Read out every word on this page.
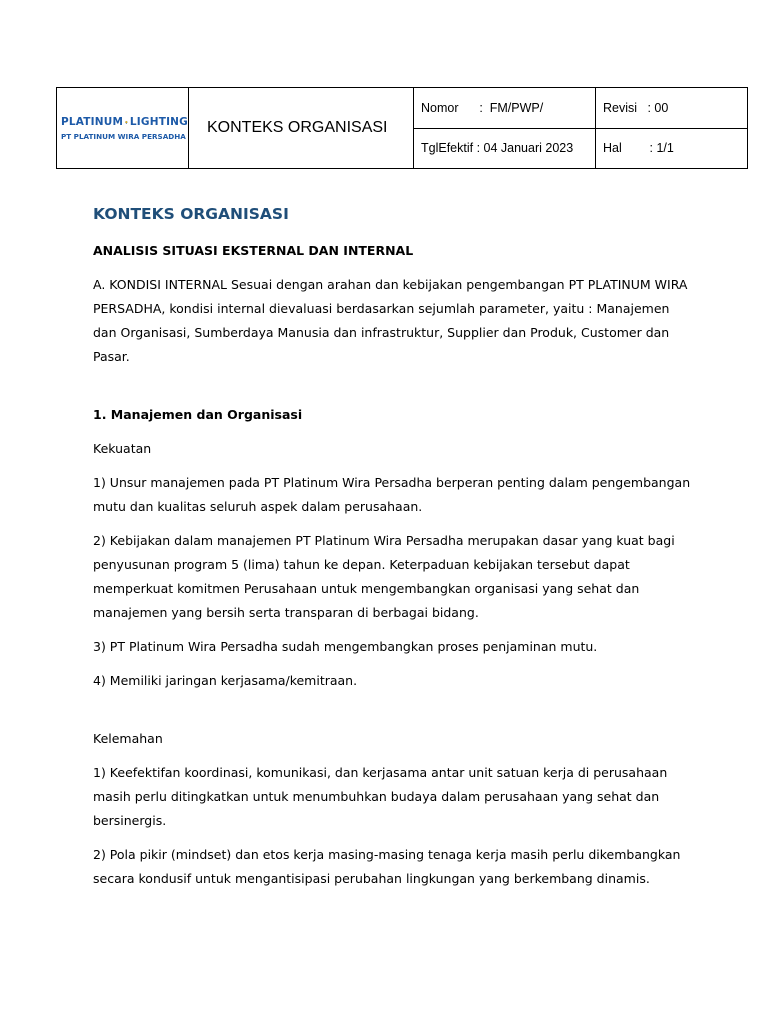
PLATINUM LIGHTING
PT PLATINUM WIRA PERSADHA	KONTEKS ORGANISASI	Nomor      :  FM/PWP/	Revisi   : 00
		TglEfektif : 04 Januari 2023	Hal        : 1/1
KONTEKS ORGANISASI

ANALISIS SITUASI EKSTERNAL DAN INTERNAL

A. KONDISI INTERNAL Sesuai dengan arahan dan kebijakan pengembangan PT PLATINUM WIRA PERSADHA, kondisi internal dievaluasi berdasarkan sejumlah parameter, yaitu : Manajemen dan Organisasi, Sumberdaya Manusia dan infrastruktur, Supplier dan Produk, Customer dan Pasar.

1. Manajemen dan Organisasi

Kekuatan

1) Unsur manajemen pada PT Platinum Wira Persadha berperan penting dalam pengembangan mutu dan kualitas seluruh aspek dalam perusahaan.

2) Kebijakan dalam manajemen PT Platinum Wira Persadha merupakan dasar yang kuat bagi penyusunan program 5 (lima) tahun ke depan. Keterpaduan kebijakan tersebut dapat memperkuat komitmen Perusahaan untuk mengembangkan organisasi yang sehat dan manajemen yang bersih serta transparan di berbagai bidang.

3) PT Platinum Wira Persadha sudah mengembangkan proses penjaminan mutu.

4) Memiliki jaringan kerjasama/kemitraan.

Kelemahan

1) Keefektifan koordinasi, komunikasi, dan kerjasama antar unit satuan kerja di perusahaan masih perlu ditingkatkan untuk menumbuhkan budaya dalam perusahaan yang sehat dan bersinergis.

2) Pola pikir (mindset) dan etos kerja masing-masing tenaga kerja masih perlu dikembangkan secara kondusif untuk mengantisipasi perubahan lingkungan yang berkembang dinamis.
